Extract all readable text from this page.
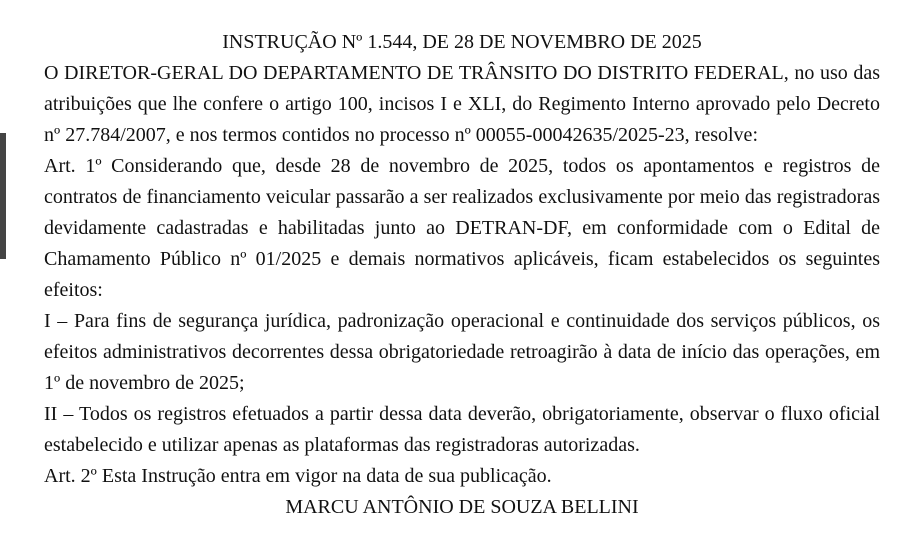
INSTRUÇÃO Nº 1.544, DE 28 DE NOVEMBRO DE 2025

O DIRETOR-GERAL DO DEPARTAMENTO DE TRÂNSITO DO DISTRITO FEDERAL, no uso das atribuições que lhe confere o artigo 100, incisos I e XLI, do Regimento Interno aprovado pelo Decreto nº 27.784/2007, e nos termos contidos no processo nº 00055-00042635/2025-23, resolve:

Art. 1º Considerando que, desde 28 de novembro de 2025, todos os apontamentos e registros de contratos de financiamento veicular passarão a ser realizados exclusivamente por meio das registradoras devidamente cadastradas e habilitadas junto ao DETRAN-DF, em conformidade com o Edital de Chamamento Público nº 01/2025 e demais normativos aplicáveis, ficam estabelecidos os seguintes efeitos:

I – Para fins de segurança jurídica, padronização operacional e continuidade dos serviços públicos, os efeitos administrativos decorrentes dessa obrigatoriedade retroagirão à data de início das operações, em 1º de novembro de 2025;

II – Todos os registros efetuados a partir dessa data deverão, obrigatoriamente, observar o fluxo oficial estabelecido e utilizar apenas as plataformas das registradoras autorizadas.

Art. 2º Esta Instrução entra em vigor na data de sua publicação.

MARCU ANTÔNIO DE SOUZA BELLINI
